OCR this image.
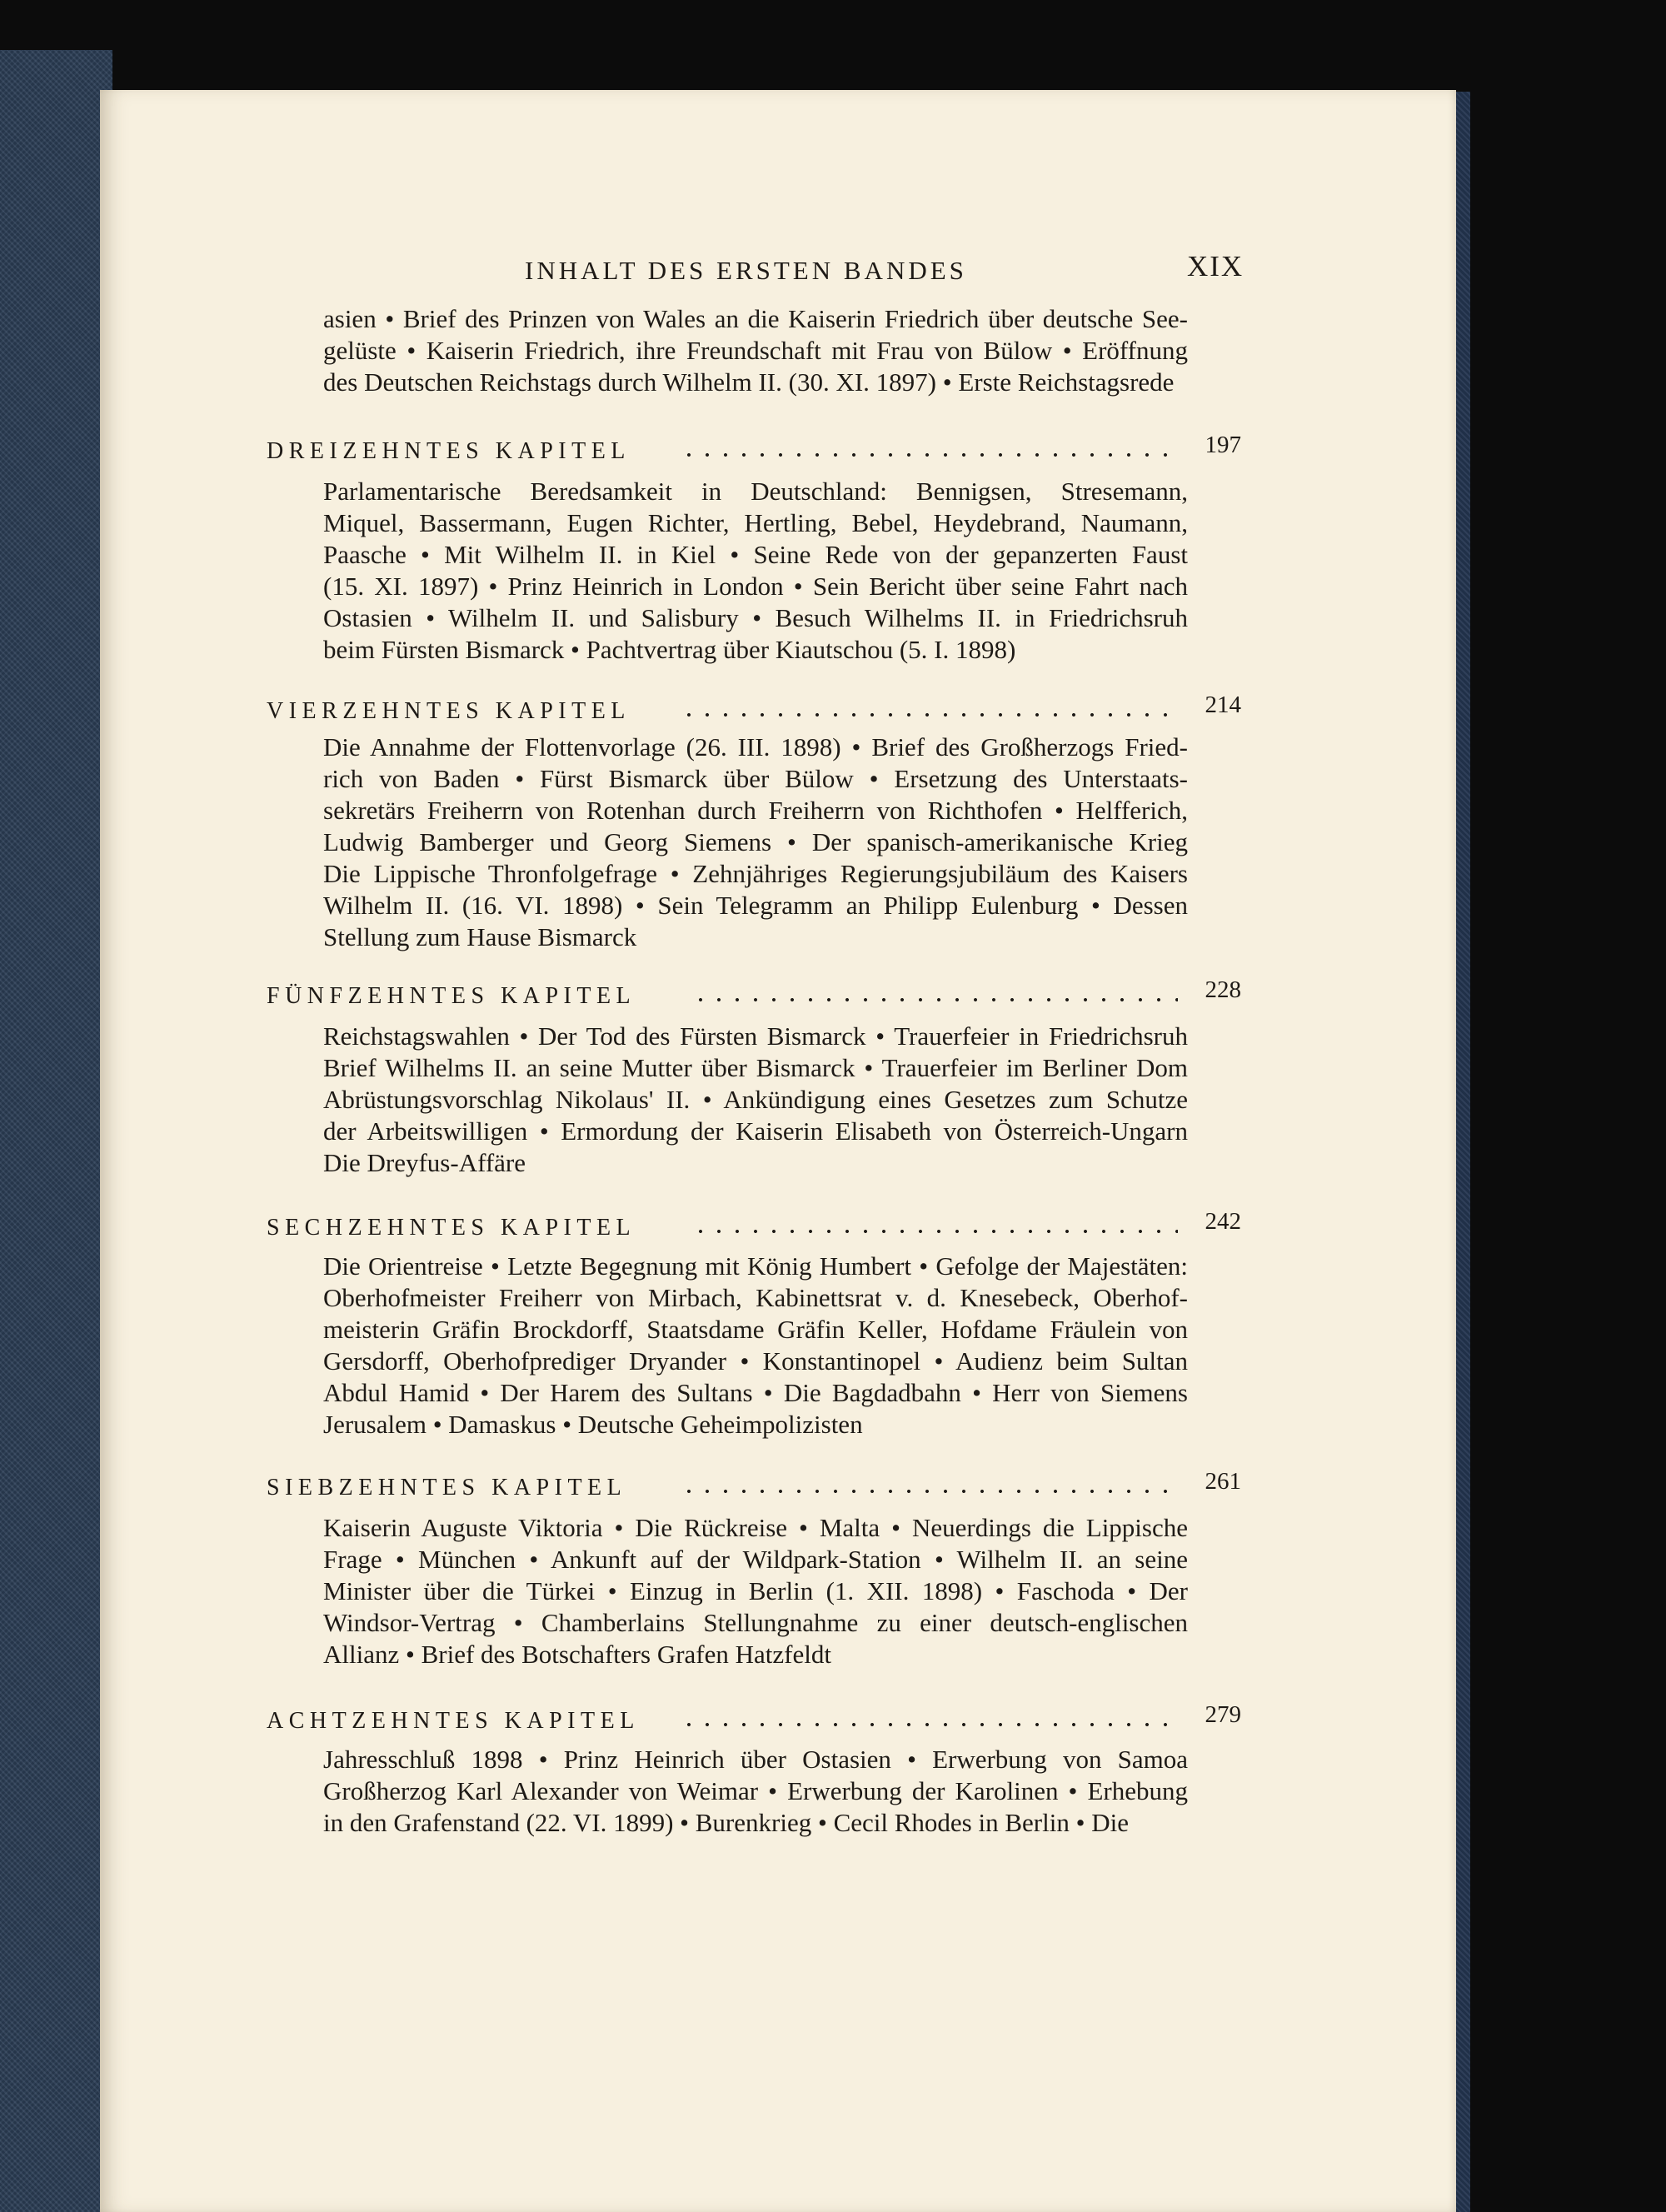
INHALT DES ERSTEN BANDES	XIX
asien • Brief des Prinzen von Wales an die Kaiserin Friedrich über deutsche See-
gelüste • Kaiserin Friedrich, ihre Freundschaft mit Frau von Bülow • Eröffnung
des Deutschen Reichstags durch Wilhelm II. (30. XI. 1897) • Erste Reichstagsrede
DREIZEHNTES KAPITEL	197
Parlamentarische Beredsamkeit in Deutschland: Bennigsen, Stresemann,
Miquel, Bassermann, Eugen Richter, Hertling, Bebel, Heydebrand, Naumann,
Paasche • Mit Wilhelm II. in Kiel • Seine Rede von der gepanzerten Faust
(15. XI. 1897) • Prinz Heinrich in London • Sein Bericht über seine Fahrt nach
Ostasien • Wilhelm II. und Salisbury • Besuch Wilhelms II. in Friedrichsruh
beim Fürsten Bismarck • Pachtvertrag über Kiautschou (5. I. 1898)
VIERZEHNTES KAPITEL	214
Die Annahme der Flottenvorlage (26. III. 1898) • Brief des Großherzogs Fried-
rich von Baden • Fürst Bismarck über Bülow • Ersetzung des Unterstaats-
sekretärs Freiherrn von Rotenhan durch Freiherrn von Richthofen • Helfferich,
Ludwig Bamberger und Georg Siemens • Der spanisch-amerikanische Krieg
Die Lippische Thronfolgefrage • Zehnjähriges Regierungsjubiläum des Kaisers
Wilhelm II. (16. VI. 1898) • Sein Telegramm an Philipp Eulenburg • Dessen
Stellung zum Hause Bismarck
FÜNFZEHNTES KAPITEL	228
Reichstagswahlen • Der Tod des Fürsten Bismarck • Trauerfeier in Friedrichsruh
Brief Wilhelms II. an seine Mutter über Bismarck • Trauerfeier im Berliner Dom
Abrüstungsvorschlag Nikolaus' II. • Ankündigung eines Gesetzes zum Schutze
der Arbeitswilligen • Ermordung der Kaiserin Elisabeth von Österreich-Ungarn
Die Dreyfus-Affäre
SECHZEHNTES KAPITEL	242
Die Orientreise • Letzte Begegnung mit König Humbert • Gefolge der Majestäten:
Oberhofmeister Freiherr von Mirbach, Kabinettsrat v. d. Knesebeck, Oberhof-
meisterin Gräfin Brockdorff, Staatsdame Gräfin Keller, Hofdame Fräulein von
Gersdorff, Oberhofprediger Dryander • Konstantinopel • Audienz beim Sultan
Abdul Hamid • Der Harem des Sultans • Die Bagdadbahn • Herr von Siemens
Jerusalem • Damaskus • Deutsche Geheimpolizisten
SIEBZEHNTES KAPITEL	261
Kaiserin Auguste Viktoria • Die Rückreise • Malta • Neuerdings die Lippische
Frage • München • Ankunft auf der Wildpark-Station • Wilhelm II. an seine
Minister über die Türkei • Einzug in Berlin (1. XII. 1898) • Faschoda • Der
Windsor-Vertrag • Chamberlains Stellungnahme zu einer deutsch-englischen
Allianz • Brief des Botschafters Grafen Hatzfeldt
ACHTZEHNTES KAPITEL	279
Jahresschluß 1898 • Prinz Heinrich über Ostasien • Erwerbung von Samoa
Großherzog Karl Alexander von Weimar • Erwerbung der Karolinen • Erhebung
in den Grafenstand (22. VI. 1899) • Burenkrieg • Cecil Rhodes in Berlin • Die
